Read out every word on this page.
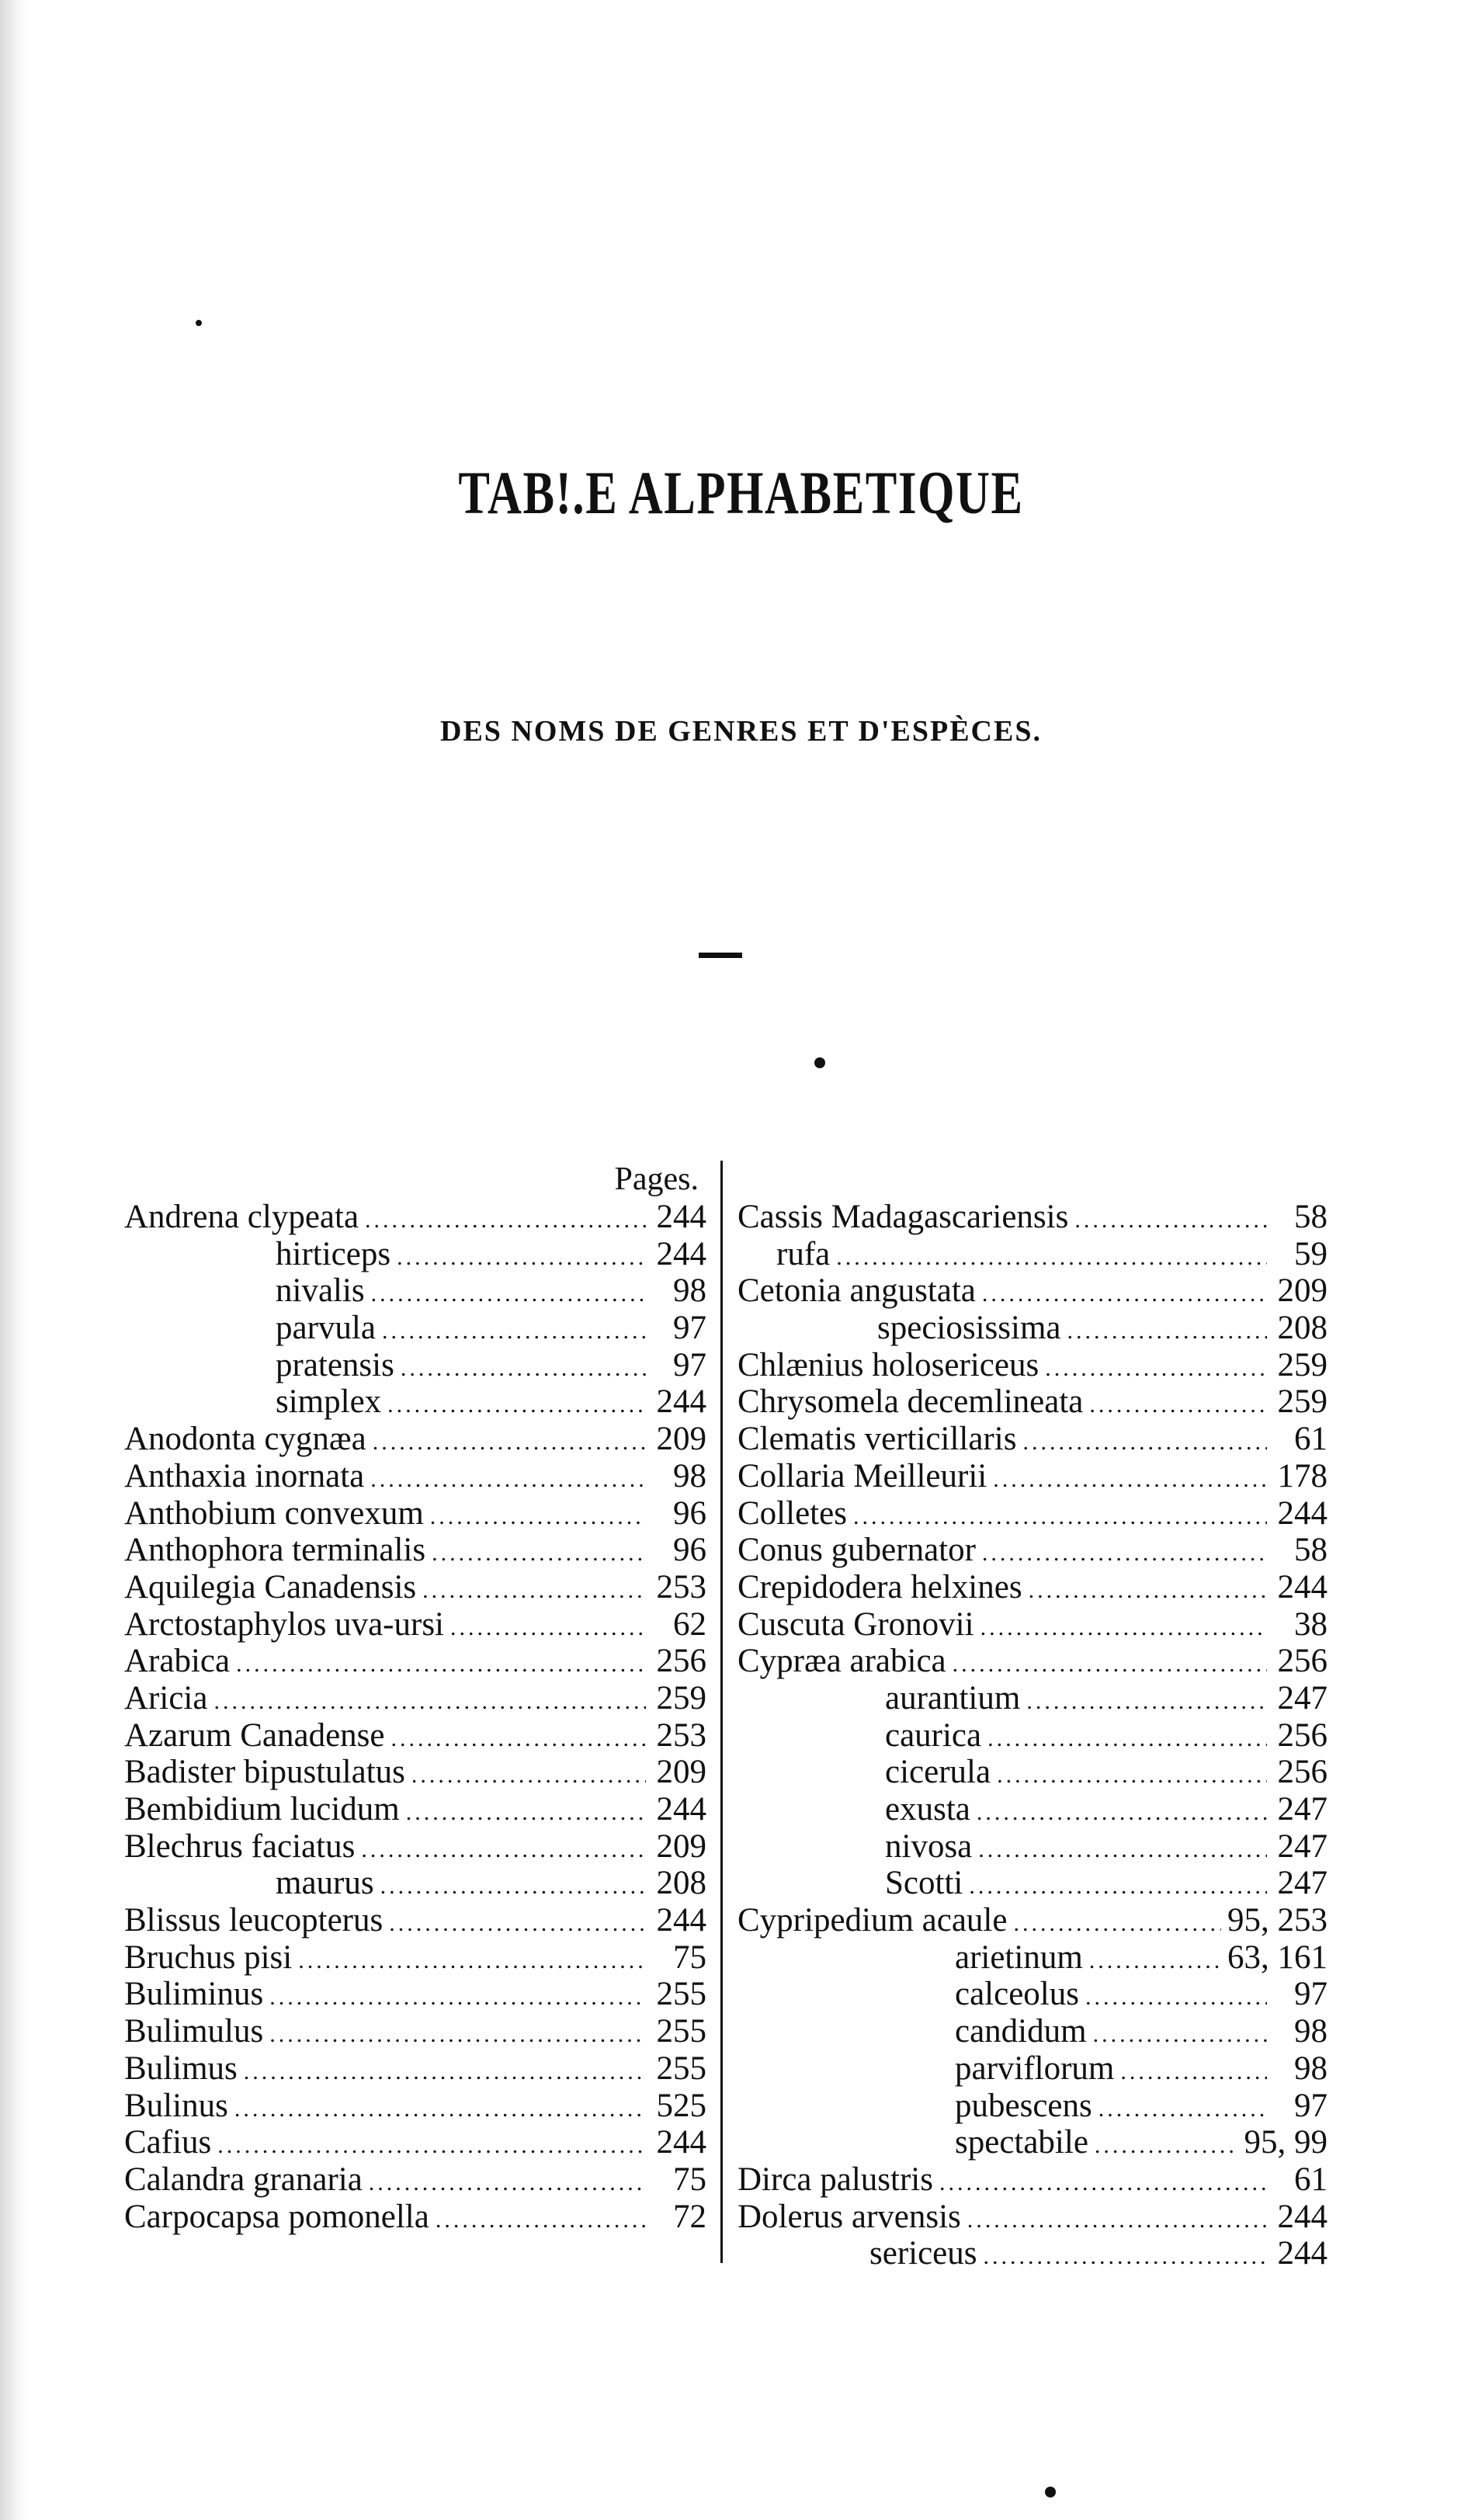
TAB!.E ALPHABETIQUE
DES NOMS DE GENRES ET D'ESPÈCES.
Pages.
Andrena clypeata .....	244
hirticeps .....	244
nivalis .....	98
parvula .....	97
pratensis .....	97
simplex .....	244
Anodonta cygnæa .....	209
Anthaxia inornata .....	98
Anthobium convexum .....	96
Anthophora terminalis .....	96
Aquilegia Canadensis .....	253
Arctostaphylos uva-ursi .....	62
Arabica .....	256
Aricia .....	259
Azarum Canadense .....	253
Badister bipustulatus .....	209
Bembidium lucidum .....	244
Blechrus faciatus .....	209
maurus .....	208
Blissus leucopterus .....	244
Bruchus pisi .....	75
Buliminus .....	255
Bulimulus .....	255
Bulimus .....	255
Bulinus .....	525
Cafius .....	244
Calandra granaria .....	75
Carpocapsa pomonella .....	72
Cassis Madagascariensis .....	58
rufa .....	59
Cetonia angustata .....	209
speciosissima .....	208
Chlænius holosericeus .....	259
Chrysomela decemlineata .....	259
Clematis verticillaris .....	61
Collaria Meilleurii .....	178
Colletes .....	244
Conus gubernator .....	58
Crepidodera helxines .....	244
Cuscuta Gronovii .....	38
Cypræa arabica .....	256
aurantium .....	247
caurica .....	256
cicerula .....	256
exusta .....	247
nivosa .....	247
Scotti .....	247
Cypripedium acaule .....	95, 253
arietinum .....	63, 161
calceolus .....	97
candidum .....	98
parviflorum .....	98
pubescens .....	97
spectabile .....	95, 99
Dirca palustris .....	61
Dolerus arvensis .....	244
sericeus .....	244
